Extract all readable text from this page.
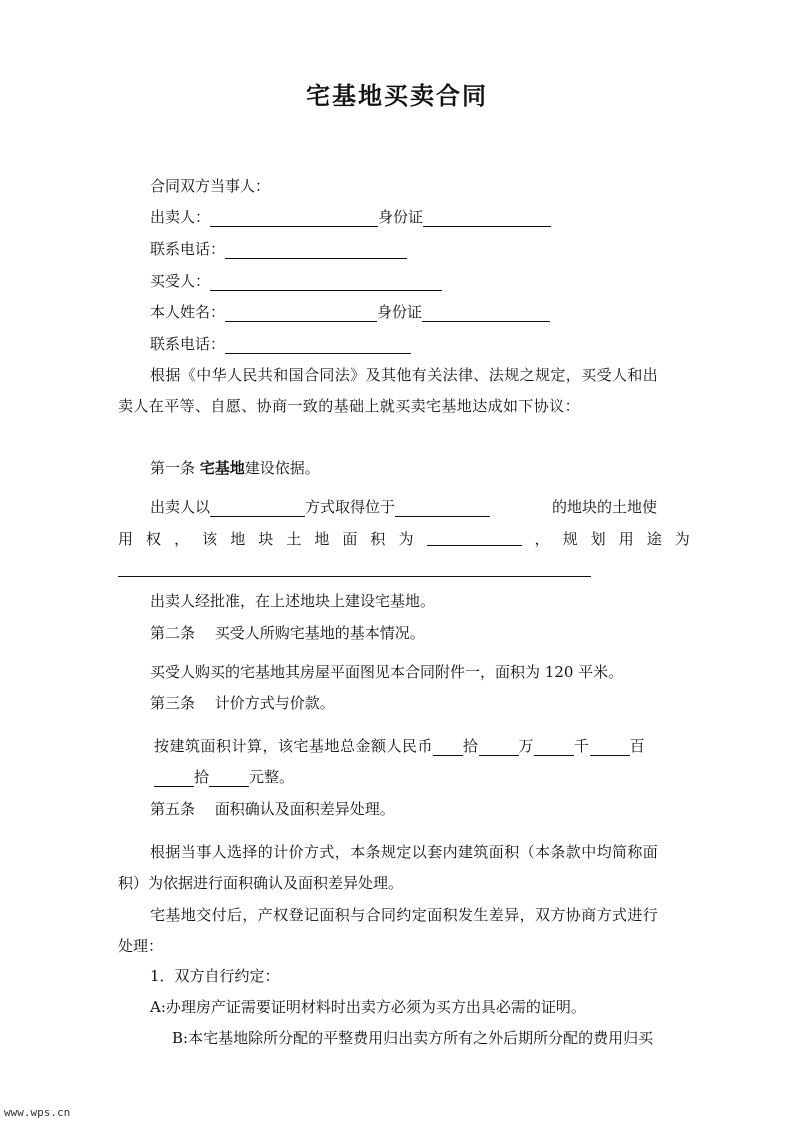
宅基地买卖合同
合同双方当事人：
出卖人：	身份证
联系电话：
买受人：
本人姓名：	身份证
联系电话：
根据《中华人民共和国合同法》及其他有关法律、法规之规定，买受人和出
卖人在平等、自愿、协商一致的基础上就买卖宅基地达成如下协议：
第一条 宅基地建设依据。
出卖人以	方式取得位于	的地块的土地使
用 权 ， 该 地 块 土 地 面 积 为	， 规 划 用 途 为
出卖人经批准，在上述地块上建设宅基地。
第二条　 买受人所购宅基地的基本情况。
买受人购买的宅基地其房屋平面图见本合同附件一，面积为 120 平米。
第三条　 计价方式与价款。
按建筑面积计算，该宅基地总金额人民币 拾	万	千	百
拾	元整。
第五条　 面积确认及面积差异处理。
根据当事人选择的计价方式，本条规定以套内建筑面积（本条款中均简称面
积）为依据进行面积确认及面积差异处理。
宅基地交付后，产权登记面积与合同约定面积发生差异，双方协商方式进行
处理：
1．双方自行约定：
A:办理房产证需要证明材料时出卖方必须为买方出具必需的证明。
B:本宅基地除所分配的平整费用归出卖方所有之外后期所分配的费用归买
www.wps.cn
